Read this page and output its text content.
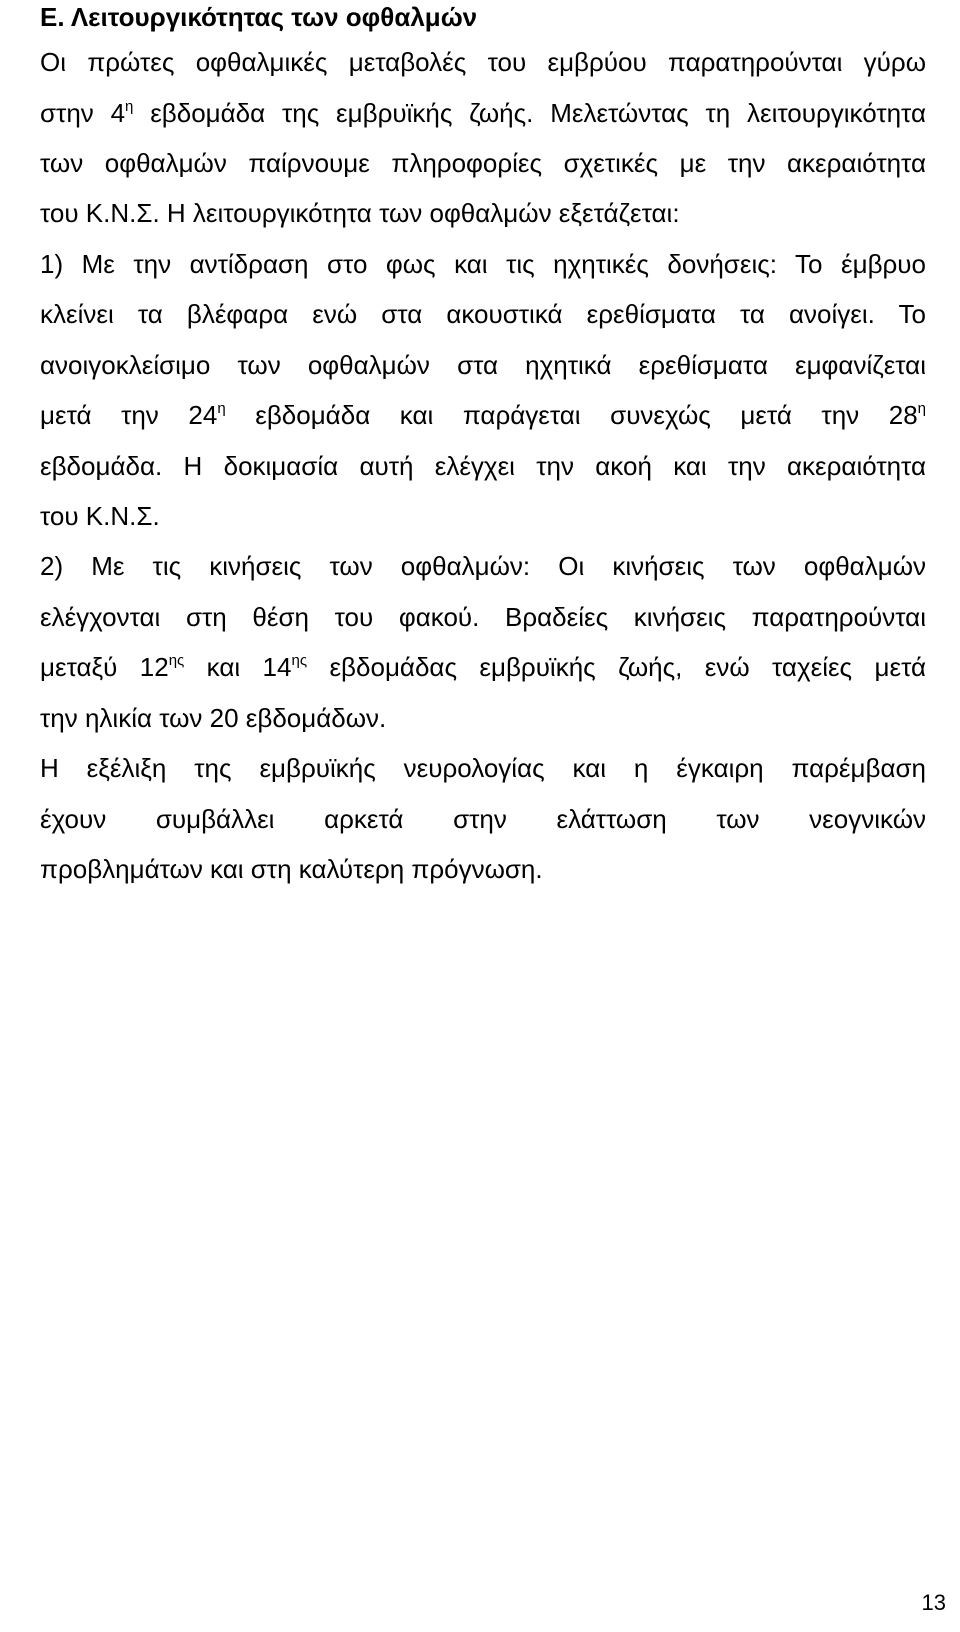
Ε. Λειτουργικότητας των οφθαλμών
Οι πρώτες οφθαλμικές μεταβολές του εμβρύου παρατηρούνται γύρω
στην $4^\eta$ εβδομάδα της εμβρυϊκής ζωής. Μελετώντας τη λειτουργικότητα
των οφθαλμών παίρνουμε πληροφορίες σχετικές με την ακεραιότητα
του Κ.Ν.Σ. Η λειτουργικότητα των οφθαλμών εξετάζεται:
1) Με την αντίδραση στο φως και τις ηχητικές δονήσεις: Το έμβρυο
κλείνει τα βλέφαρα ενώ στα ακουστικά ερεθίσματα τα ανοίγει. Το
ανοιγοκλείσιμο των οφθαλμών στα ηχητικά ερεθίσματα εμφανίζεται
μετά την $24^\eta$ εβδομάδα και παράγεται συνεχώς μετά την $28^\eta$
εβδομάδα. Η δοκιμασία αυτή ελέγχει την ακοή και την ακεραιότητα
του Κ.Ν.Σ.
2) Με τις κινήσεις των οφθαλμών: Οι κινήσεις των οφθαλμών
ελέγχονται στη θέση του φακού. Βραδείες κινήσεις παρατηρούνται
μεταξύ $12^{\eta\varsigma}$ και $14^{\eta\varsigma}$ εβδομάδας εμβρυϊκής ζωής, ενώ ταχείες μετά
την ηλικία των 20 εβδομάδων.
Η εξέλιξη της εμβρυϊκής νευρολογίας και η έγκαιρη παρέμβαση
έχουν συμβάλλει αρκετά στην ελάττωση των νεογνικών
προβλημάτων και στη καλύτερη πρόγνωση.
13
